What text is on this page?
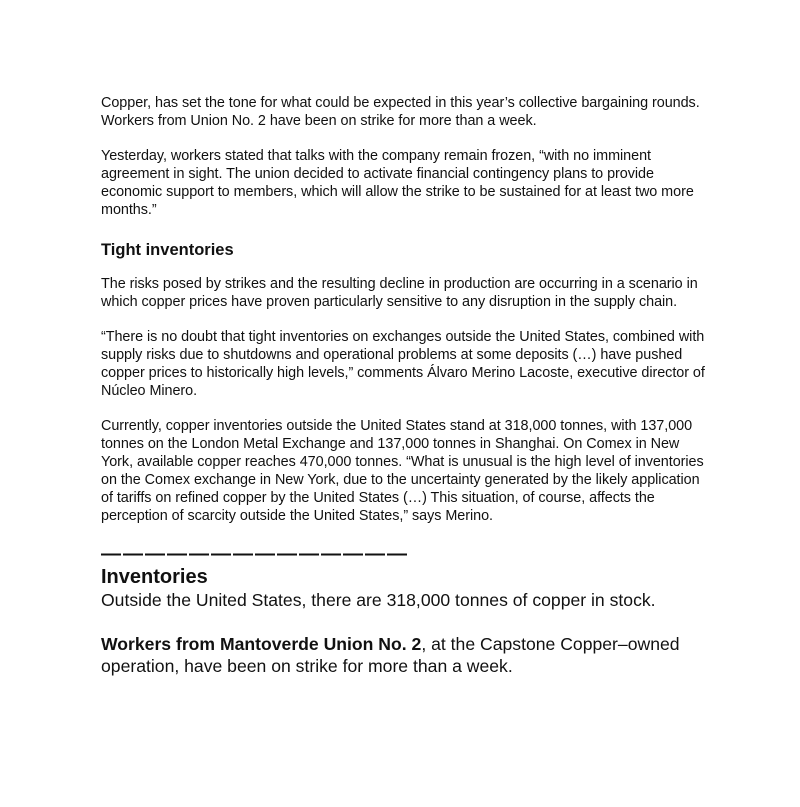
Copper, has set the tone for what could be expected in this year’s collective bargaining rounds. Workers from Union No. 2 have been on strike for more than a week.

Yesterday, workers stated that talks with the company remain frozen, “with no imminent agreement in sight. The union decided to activate financial contingency plans to provide economic support to members, which will allow the strike to be sustained for at least two more months.”

Tight inventories

The risks posed by strikes and the resulting decline in production are occurring in a scenario in which copper prices have proven particularly sensitive to any disruption in the supply chain.

“There is no doubt that tight inventories on exchanges outside the United States, combined with supply risks due to shutdowns and operational problems at some deposits (…) have pushed copper prices to historically high levels,” comments Álvaro Merino Lacoste, executive director of Núcleo Minero.

Currently, copper inventories outside the United States stand at 318,000 tonnes, with 137,000 tonnes on the London Metal Exchange and 137,000 tonnes in Shanghai. On Comex in New York, available copper reaches 470,000 tonnes. “What is unusual is the high level of inventories on the Comex exchange in New York, due to the uncertainty generated by the likely application of tariffs on refined copper by the United States (…) This situation, of course, affects the perception of scarcity outside the United States,” says Merino.

——————————————
Inventories

Outside the United States, there are 318,000 tonnes of copper in stock.

Workers from Mantoverde Union No. 2, at the Capstone Copper–owned operation, have been on strike for more than a week.
